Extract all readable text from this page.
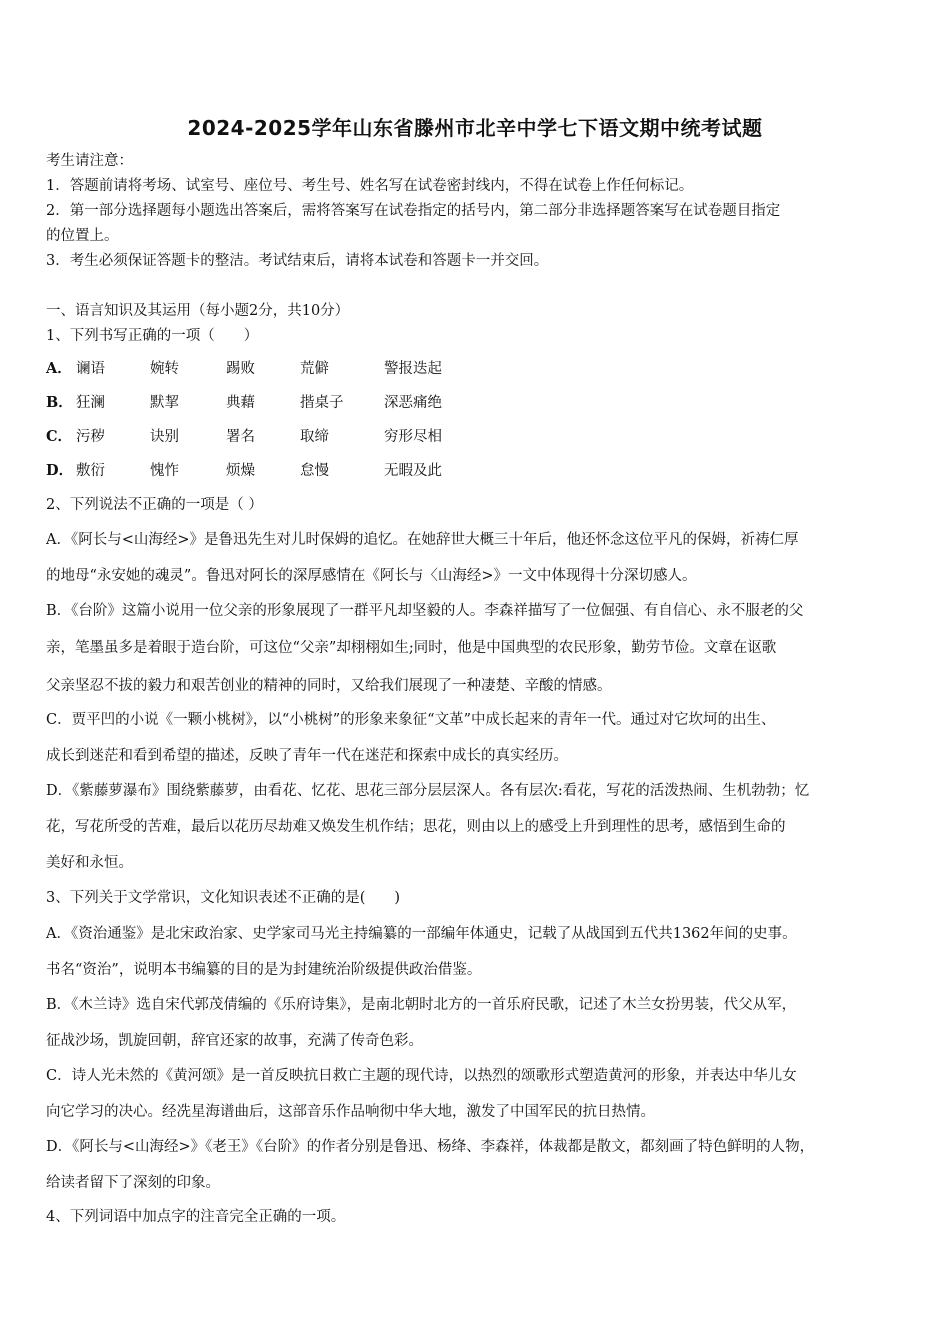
2024-2025学年山东省滕州市北辛中学七下语文期中统考试题
考生请注意：
1．答题前请将考场、试室号、座位号、考生号、姓名写在试卷密封线内，不得在试卷上作任何标记。
2．第一部分选择题每小题选出答案后，需将答案写在试卷指定的括号内，第二部分非选择题答案写在试卷题目指定
的位置上。
3．考生必须保证答题卡的整洁。考试结束后，请将本试卷和答题卡一并交回。
一、语言知识及其运用（每小题2分，共10分）
1、下列书写正确的一项（　　）
A． 谰语	婉转	踢败	荒僻	警报迭起
B． 狂澜	默挈	典藉	揩桌子	深恶痛绝
C． 污秽	诀别	署名	取缔	穷形尽相
D． 敷衍	愧怍	烦燥	怠慢	无暇及此
2、下列说法不正确的一项是（ ）
A．《阿长与<山海经>》是鲁迅先生对儿时保姆的追忆。在她辞世大概三十年后，他还怀念这位平凡的保姆，祈祷仁厚
的地母“永安她的魂灵”。鲁迅对阿长的深厚感情在《阿长与〈山海经>》一文中体现得十分深切感人。
B．《台阶》这篇小说用一位父亲的形象展现了一群平凡却坚毅的人。李森祥描写了一位倔强、有自信心、永不服老的父
亲，笔墨虽多是着眼于造台阶，可这位“父亲”却栩栩如生;同时，他是中国典型的农民形象，勤劳节俭。文章在讴歌
父亲坚忍不拔的毅力和艰苦创业的精神的同时，又给我们展现了一种凄楚、辛酸的情感。
C．贾平凹的小说《一颗小桃树》，以“小桃树”的形象来象征“文革”中成长起来的青年一代。通过对它坎坷的出生、
成长到迷茫和看到希望的描述，反映了青年一代在迷茫和探索中成长的真实经历。
D．《紫藤萝瀑布》围绕紫藤萝，由看花、忆花、思花三部分层层深人。各有层次:看花，写花的活泼热闹、生机勃勃；忆
花，写花所受的苦难，最后以花历尽劫难又焕发生机作结；思花，则由以上的感受上升到理性的思考，感悟到生命的
美好和永恒。
3、下列关于文学常识，文化知识表述不正确的是(　　)
A．《资治通鉴》是北宋政治家、史学家司马光主持编纂的一部编年体通史，记载了从战国到五代共1362年间的史事。
书名“资治”，说明本书编纂的目的是为封建统治阶级提供政治借鉴。
B．《木兰诗》选自宋代郭茂倩编的《乐府诗集》，是南北朝时北方的一首乐府民歌，记述了木兰女扮男装，代父从军，
征战沙场，凯旋回朝，辞官还家的故事，充满了传奇色彩。
C．诗人光未然的《黄河颂》是一首反映抗日救亡主题的现代诗，以热烈的颂歌形式塑造黄河的形象，并表达中华儿女
向它学习的决心。经冼星海谱曲后，这部音乐作品响彻中华大地，激发了中国军民的抗日热情。
D．《阿长与<山海经>》《老王》《台阶》的作者分别是鲁迅、杨绛、李森祥，体裁都是散文，都刻画了特色鲜明的人物，
给读者留下了深刻的印象。
4、下列词语中加点字的注音完全正确的一项。
